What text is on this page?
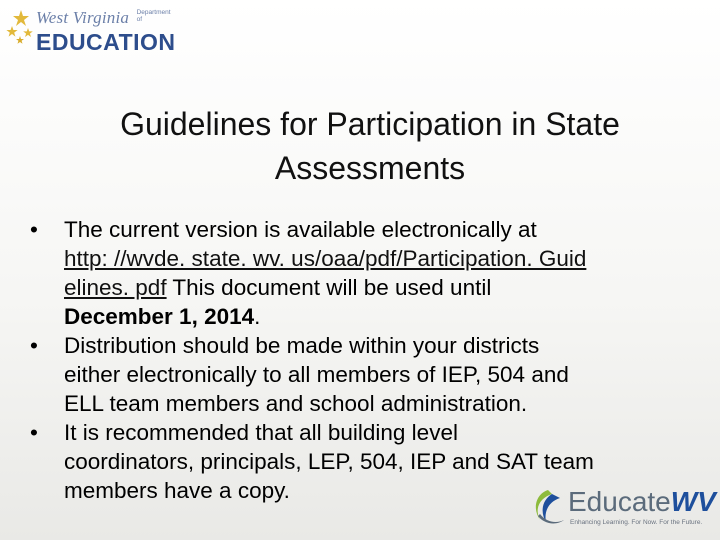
West Virginia Department of
EDUCATION
Guidelines for Participation in State
Assessments
•	The current version is available electronically at
http: //wvde. state. wv. us/oaa/pdf/Participation. Guid
elines. pdf This document will be used until
December 1, 2014.
•	Distribution should be made within your districts
either electronically to all members of IEP, 504 and
ELL team members and school administration.
•	It is recommended that all building level
coordinators, principals, LEP, 504, IEP and SAT team
members have a copy.	EducateWV
Enhancing Learning. For Now. For the Future.
